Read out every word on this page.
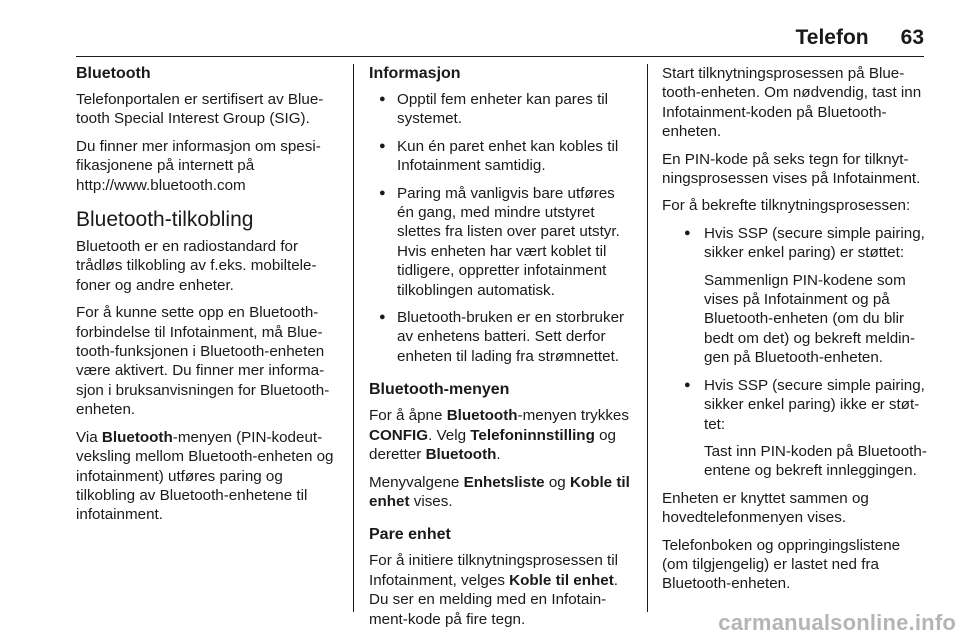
Telefon 63
Bluetooth

Telefonportalen er sertifisert av Bluetooth Special Interest Group (SIG).

Du finner mer informasjon om spesifikasjonene på internett på http://www.bluetooth.com

Bluetooth-tilkobling

Bluetooth er en radiostandard for trådløs tilkobling av f.eks. mobiltelefoner og andre enheter.

For å kunne sette opp en Bluetooth-forbindelse til Infotainment, må Bluetooth-funksjonen i Bluetooth-enheten være aktivert. Du finner mer informasjon i bruksanvisningen for Bluetooth-enheten.

Via Bluetooth-menyen (PIN-kodeutveksling mellom Bluetooth-enheten og infotainment) utføres paring og tilkobling av Bluetooth-enhetene til infotainment.

Informasjon
● Opptil fem enheter kan pares til systemet.
● Kun én paret enhet kan kobles til Infotainment samtidig.
● Paring må vanligvis bare utføres én gang, med mindre utstyret slettes fra listen over paret utstyr. Hvis enheten har vært koblet til tidligere, oppretter infotainment tilkoblingen automatisk.
● Bluetooth-bruken er en storbruker av enhetens batteri. Sett derfor enheten til lading fra strømnettet.
Bluetooth-menyen

For å åpne Bluetooth-menyen trykkes CONFIG. Velg Telefoninnstilling og deretter Bluetooth.

Menyvalgene Enhetsliste og Koble til enhet vises.

Pare enhet

For å initiere tilknytningsprosessen til Infotainment, velges Koble til enhet. Du ser en melding med en Infotainment-kode på fire tegn.

Start tilknytningsprosessen på Bluetooth-enheten. Om nødvendig, tast inn Infotainment-koden på Bluetooth-enheten.

En PIN-kode på seks tegn for tilknytningsprosessen vises på Infotainment.

For å bekrefte tilknytningsprosessen:

● Hvis SSP (secure simple pairing, sikker enkel paring) er støttet:
Sammenlign PIN-kodene som vises på Infotainment og på Bluetooth-enheten (om du blir bedt om det) og bekreft meldingen på Bluetooth-enheten.
● Hvis SSP (secure simple pairing, sikker enkel paring) ikke er støttet:
Tast inn PIN-koden på Bluetooth-entene og bekreft innleggingen.

Enheten er knyttet sammen og hovedtelefonmenyen vises.

Telefonboken og oppringingslistene (om tilgjengelig) er lastet ned fra Bluetooth-enheten.

carmanualsonline.info
